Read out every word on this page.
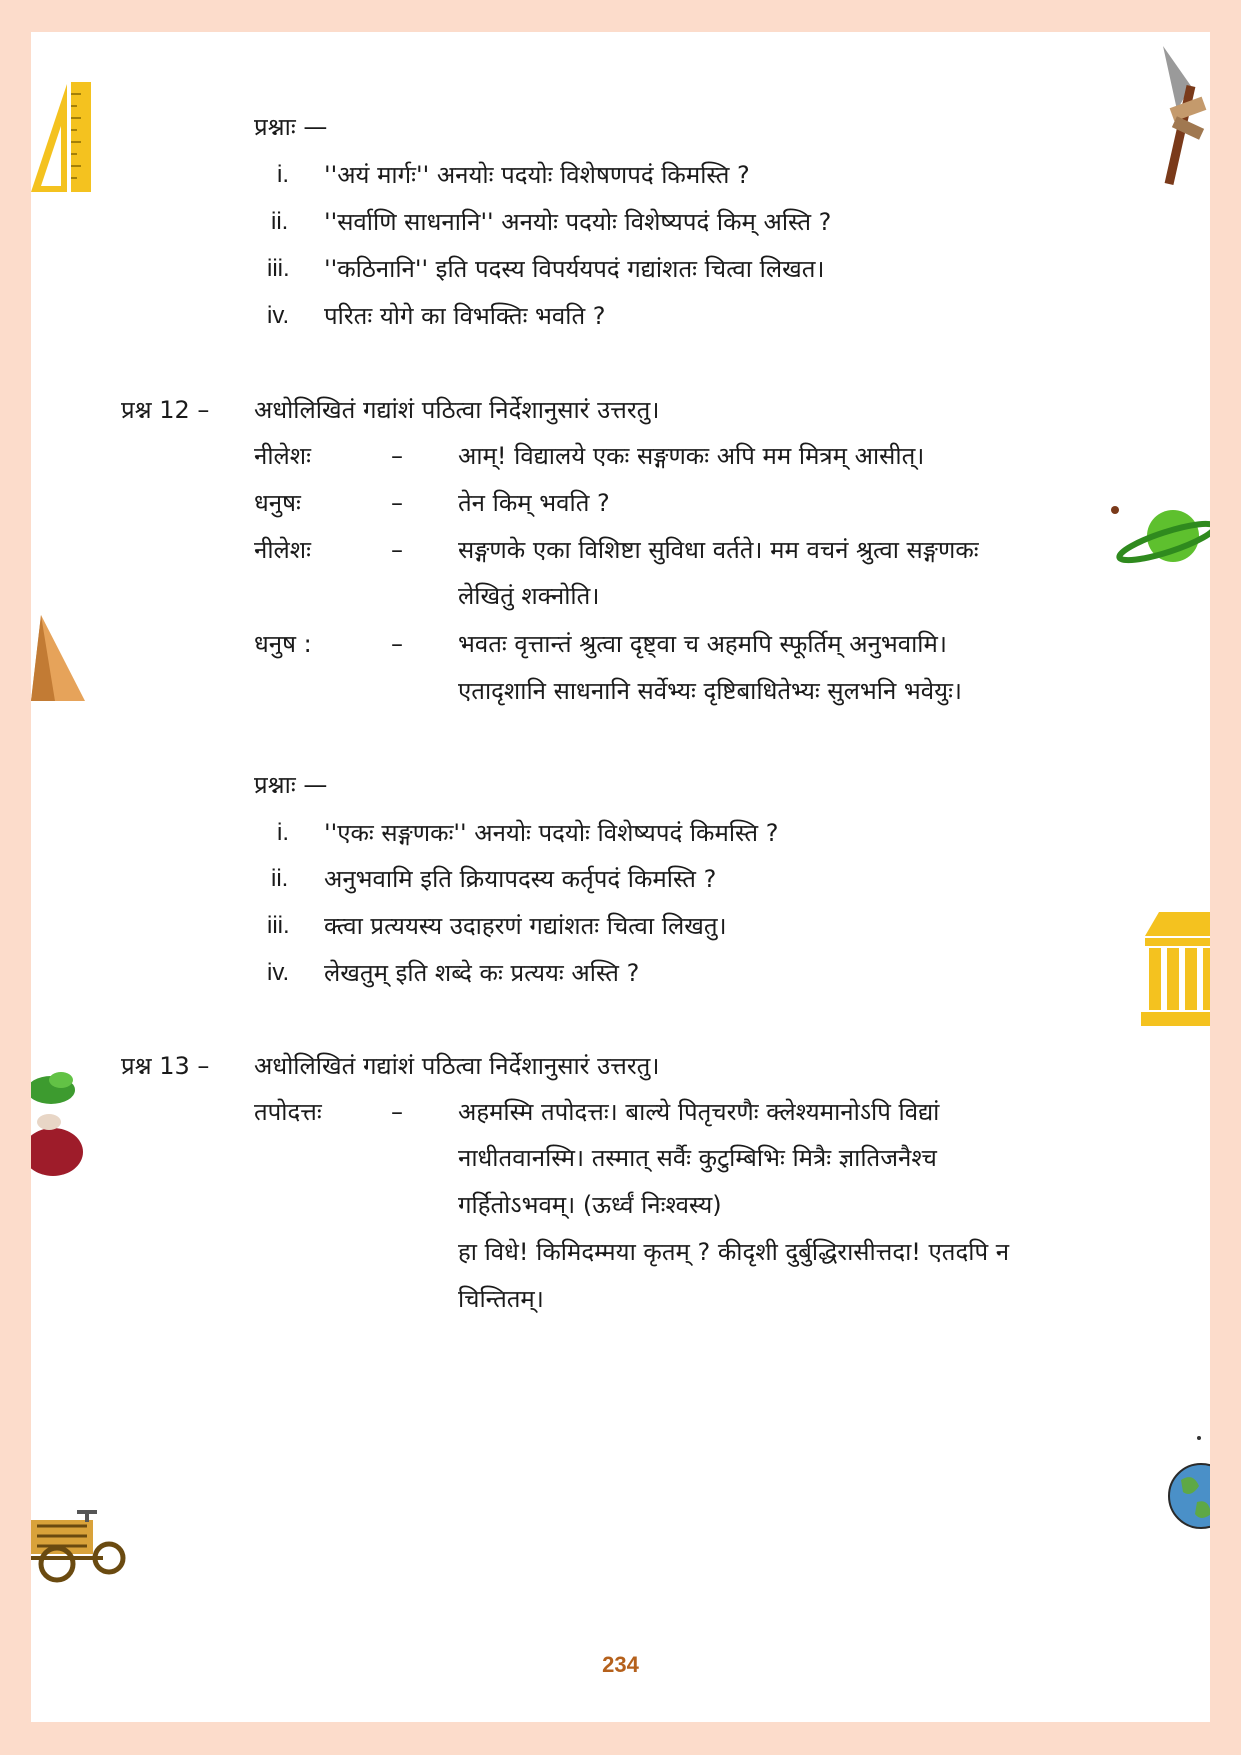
प्रश्नाः —
i. ''अयं मार्गः'' अनयोः पदयोः विशेषणपदं किमस्ति ?
ii. ''सर्वाणि साधनानि'' अनयोः पदयोः विशेष्यपदं किम् अस्ति ?
iii. ''कठिनानि'' इति पदस्य विपर्ययपदं गद्यांशतः चित्वा लिखत।
iv. परितः योगे का विभक्तिः भवति ?
प्रश्न 12 – अधोलिखितं गद्यांशं पठित्वा निर्देशानुसारं उत्तरतु।
नीलेशः	– आम्! विद्यालये एकः सङ्गणकः अपि मम मित्रम् आसीत्।
धनुषः	– तेन किम् भवति ?
नीलेशः	– सङ्गणके एका विशिष्टा सुविधा वर्तते। मम वचनं श्रुत्वा सङ्गणकः
लेखितुं शक्नोति।
धनुष :	– भवतः वृत्तान्तं श्रुत्वा दृष्ट्वा च अहमपि स्फूर्तिम् अनुभवामि।
एतादृशानि साधनानि सर्वेभ्यः दृष्टिबाधितेभ्यः सुलभनि भवेयुः।
प्रश्नाः —
i. ''एकः सङ्गणकः'' अनयोः पदयोः विशेष्यपदं किमस्ति ?
ii. अनुभवामि इति क्रियापदस्य कर्तृपदं किमस्ति ?
iii. क्त्वा प्रत्ययस्य उदाहरणं गद्यांशतः चित्वा लिखतु।
iv. लेखतुम् इति शब्दे कः प्रत्ययः अस्ति ?
प्रश्न 13 – अधोलिखितं गद्यांशं पठित्वा निर्देशानुसारं उत्तरतु।
तपोदत्तः	– अहमस्मि तपोदत्तः। बाल्ये पितृचरणैः क्लेश्यमानोऽपि विद्यां
नाधीतवानस्मि। तस्मात् सर्वैः कुटुम्बिभिः मित्रैः ज्ञातिजनैश्च
गर्हितोऽभवम्। (ऊर्ध्वं निःश्वस्य)
हा विधे! किमिदम्मया कृतम् ? कीदृशी दुर्बुद्धिरासीत्तदा! एतदपि न
चिन्तितम्।
234
